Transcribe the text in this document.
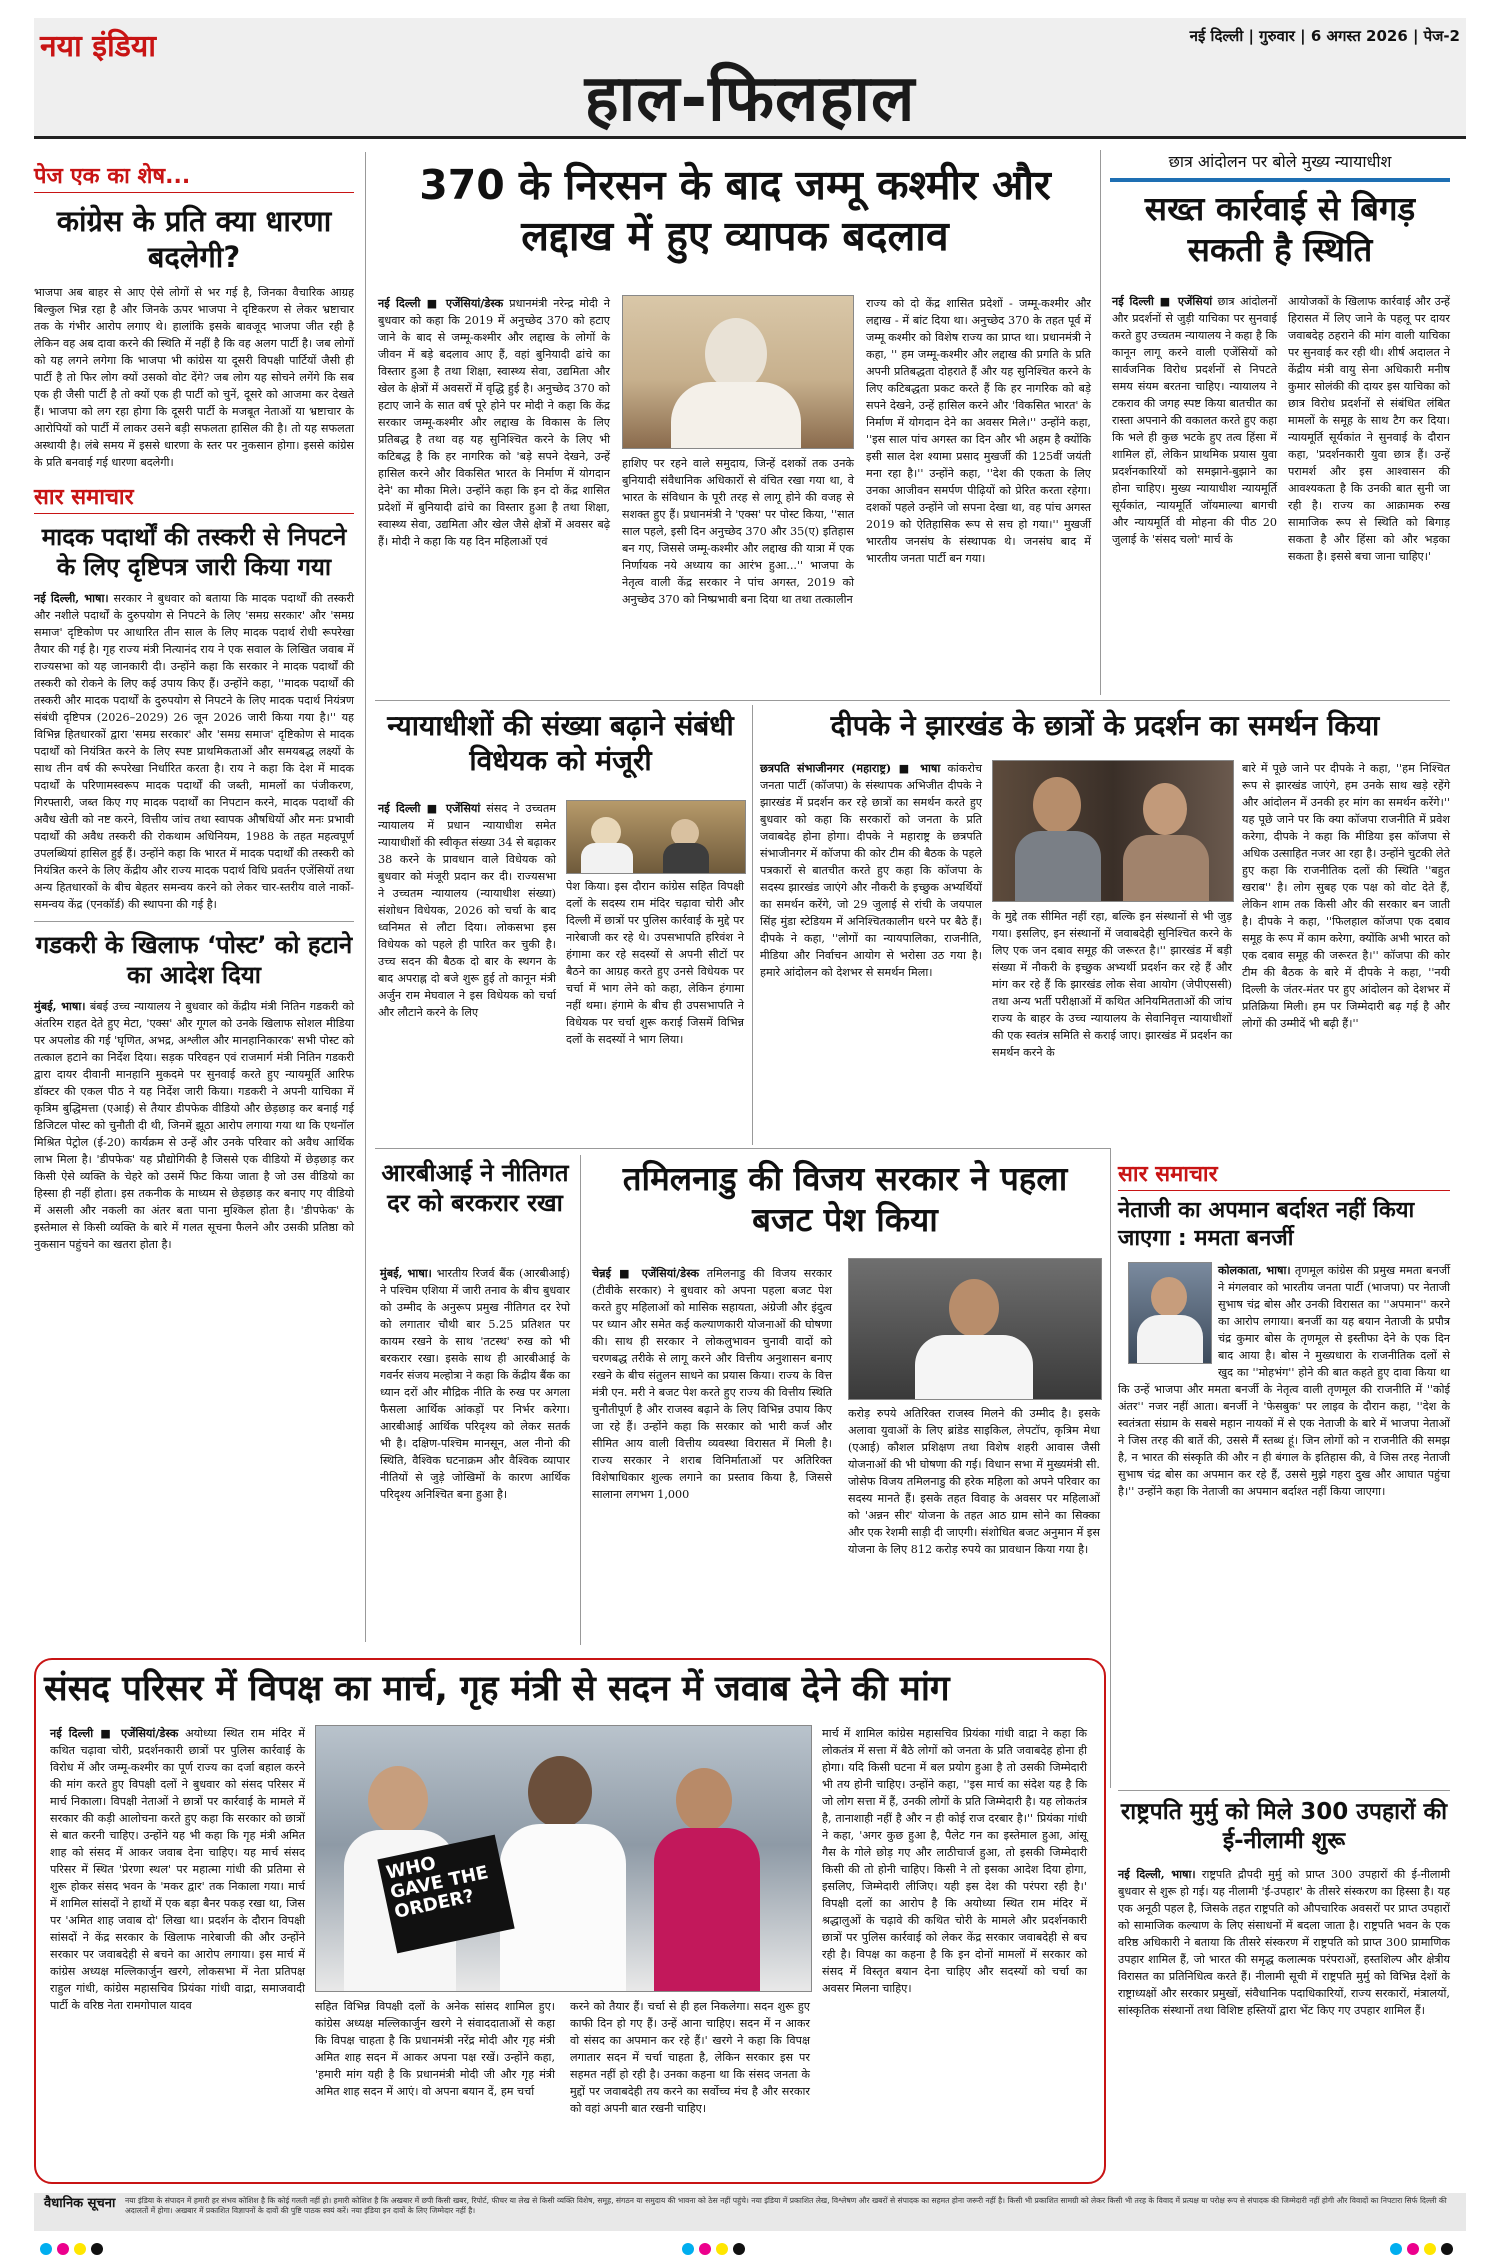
नया इंडिया	नई दिल्ली | गुरुवार | 6 अगस्त 2026 | पेज-2
हाल-फिलहाल
पेज एक का शेष...
कांग्रेस के प्रति क्या धारणा बदलेगी?
भाजपा अब बाहर से आए ऐसे लोगों से भर गई है, जिनका वैचारिक आग्रह बिल्कुल भिन्न रहा है और जिनके ऊपर भाजपा ने दृष्टिकरण से लेकर भ्रष्टाचार तक के गंभीर आरोप लगाए थे। हालांकि इसके बावजूद भाजपा जीत रही है लेकिन वह अब दावा करने की स्थिति में नहीं है कि वह अलग पार्टी है। जब लोगों को यह लगने लगेगा कि भाजपा भी कांग्रेस या दूसरी विपक्षी पार्टियों जैसी ही पार्टी है तो फिर लोग क्यों उसको वोट देंगे? जब लोग यह सोचने लगेंगे कि सब एक ही जैसी पार्टी है तो क्यों एक ही पार्टी को चुनें, दूसरे को आजमा कर देखते हैं। भाजपा को लग रहा होगा कि दूसरी पार्टी के मजबूत नेताओं या भ्रष्टाचार के आरोपियों को पार्टी में लाकर उसने बड़ी सफलता हासिल की है। तो यह सफलता अस्थायी है। लंबे समय में इससे धारणा के स्तर पर नुकसान होगा। इससे कांग्रेस के प्रति बनवाई गई धारणा बदलेगी।
सार समाचार
मादक पदार्थों की तस्करी से निपटने के लिए दृष्टिपत्र जारी किया गया
नई दिल्ली, भाषा। सरकार ने बुधवार को बताया कि मादक पदार्थों की तस्करी और नशीले पदार्थों के दुरुपयोग से निपटने के लिए 'समग्र सरकार' और 'समग्र समाज' दृष्टिकोण पर आधारित तीन साल के लिए मादक पदार्थ रोधी रूपरेखा तैयार की गई है। गृह राज्य मंत्री नित्यानंद राय ने एक सवाल के लिखित जवाब में राज्यसभा को यह जानकारी दी। उन्होंने कहा कि सरकार ने मादक पदार्थों की तस्करी को रोकने के लिए कई उपाय किए हैं। उन्होंने कहा, ''मादक पदार्थों की तस्करी और मादक पदार्थों के दुरुपयोग से निपटने के लिए मादक पदार्थ नियंत्रण संबंधी दृष्टिपत्र (2026–2029) 26 जून 2026 जारी किया गया है।'' यह विभिन्न हितधारकों द्वारा 'समग्र सरकार' और 'समग्र समाज' दृष्टिकोण से मादक पदार्थों को नियंत्रित करने के लिए स्पष्ट प्राथमिकताओं और समयबद्ध लक्ष्यों के साथ तीन वर्ष की रूपरेखा निर्धारित करता है। राय ने कहा कि देश में मादक पदार्थों के परिणामस्वरूप मादक पदार्थों की जब्ती, मामलों का पंजीकरण, गिरफ्तारी, जब्त किए गए मादक पदार्थों का निपटान करने, मादक पदार्थों की अवैध खेती को नष्ट करने, वित्तीय जांच तथा स्वापक औषधियों और मनः प्रभावी पदार्थों की अवैध तस्करी की रोकथाम अधिनियम, 1988 के तहत महत्वपूर्ण उपलब्धियां हासिल हुई हैं। उन्होंने कहा कि भारत में मादक पदार्थों की तस्करी को नियंत्रित करने के लिए केंद्रीय और राज्य मादक पदार्थ विधि प्रवर्तन एजेंसियों तथा अन्य हितधारकों के बीच बेहतर समन्वय करने को लेकर चार-स्तरीय वाले नार्को-समन्वय केंद्र (एनकॉर्ड) की स्थापना की गई है।
गडकरी के खिलाफ ‘पोस्ट’ को हटाने का आदेश दिया
मुंबई, भाषा। बंबई उच्च न्यायालय ने बुधवार को केंद्रीय मंत्री नितिन गडकरी को अंतरिम राहत देते हुए मेटा, 'एक्स' और गूगल को उनके खिलाफ सोशल मीडिया पर अपलोड की गई 'घृणित, अभद्र, अश्लील और मानहानिकारक' सभी पोस्ट को तत्काल हटाने का निर्देश दिया। सड़क परिवहन एवं राजमार्ग मंत्री नितिन गडकरी द्वारा दायर दीवानी मानहानि मुकदमे पर सुनवाई करते हुए न्यायमूर्ति आरिफ डॉक्टर की एकल पीठ ने यह निर्देश जारी किया। गडकरी ने अपनी याचिका में कृत्रिम बुद्धिमत्ता (एआई) से तैयार डीपफेक वीडियो और छेड़छाड़ कर बनाई गई डिजिटल पोस्ट को चुनौती दी थी, जिनमें झूठा आरोप लगाया गया था कि एथनॉल मिश्रित पेट्रोल (ई-20) कार्यक्रम से उन्हें और उनके परिवार को अवैध आर्थिक लाभ मिला है। 'डीपफेक' यह प्रौद्योगिकी है जिससे एक वीडियो में छेड़छाड़ कर किसी ऐसे व्यक्ति के चेहरे को उसमें फिट किया जाता है जो उस वीडियो का हिस्सा ही नहीं होता। इस तकनीक के माध्यम से छेड़छाड़ कर बनाए गए वीडियो में असली और नकली का अंतर बता पाना मुश्किल होता है। 'डीपफेक' के इस्तेमाल से किसी व्यक्ति के बारे में गलत सूचना फैलने और उसकी प्रतिष्ठा को नुकसान पहुंचने का खतरा होता है।
370 के निरसन के बाद जम्मू कश्मीर और लद्दाख में हुए व्यापक बदलाव
नई दिल्ली ■ एजेंसियां/डेस्क प्रधानमंत्री नरेन्द्र मोदी ने बुधवार को कहा कि 2019 में अनुच्छेद 370 को हटाए जाने के बाद से जम्मू-कश्मीर और लद्दाख के लोगों के जीवन में बड़े बदलाव आए हैं, वहां बुनियादी ढांचे का विस्तार हुआ है तथा शिक्षा, स्वास्थ्य सेवा, उद्यमिता और खेल के क्षेत्रों में अवसरों में वृद्धि हुई है। अनुच्छेद 370 को हटाए जाने के सात वर्ष पूरे होने पर मोदी ने कहा कि केंद्र सरकार जम्मू-कश्मीर और लद्दाख के विकास के लिए प्रतिबद्ध है तथा वह यह सुनिश्चित करने के लिए भी कटिबद्ध है कि हर नागरिक को 'बड़े सपने देखने, उन्हें हासिल करने और विकसित भारत के निर्माण में योगदान देने' का मौका मिले। उन्होंने कहा कि इन दो केंद्र शासित प्रदेशों में बुनियादी ढांचे का विस्तार हुआ है तथा शिक्षा, स्वास्थ्य सेवा, उद्यमिता और खेल जैसे क्षेत्रों में अवसर बढ़े हैं। मोदी ने कहा कि यह दिन महिलाओं एवं
हाशिए पर रहने वाले समुदाय, जिन्हें दशकों तक उनके बुनियादी संवैधानिक अधिकारों से वंचित रखा गया था, वे भारत के संविधान के पूरी तरह से लागू होने की वजह से सशक्त हुए हैं। प्रधानमंत्री ने 'एक्स' पर पोस्ट किया, ''सात साल पहले, इसी दिन अनुच्छेद 370 और 35(ए) इतिहास बन गए, जिससे जम्मू-कश्मीर और लद्दाख की यात्रा में एक निर्णायक नये अध्याय का आरंभ हुआ...'' भाजपा के नेतृत्व वाली केंद्र सरकार ने पांच अगस्त, 2019 को अनुच्छेद 370 को निष्प्रभावी बना दिया था तथा तत्कालीन
राज्य को दो केंद्र शासित प्रदेशों - जम्मू-कश्मीर और लद्दाख - में बांट दिया था। अनुच्छेद 370 के तहत पूर्व में जम्मू कश्मीर को विशेष राज्य का प्राप्त था। प्रधानमंत्री ने कहा, '' हम जम्मू-कश्मीर और लद्दाख की प्रगति के प्रति अपनी प्रतिबद्धता दोहराते हैं और यह सुनिश्चित करने के लिए कटिबद्धता प्रकट करते हैं कि हर नागरिक को बड़े सपने देखने, उन्हें हासिल करने और 'विकसित भारत' के निर्माण में योगदान देने का अवसर मिले।'' उन्होंने कहा, ''इस साल पांच अगस्त का दिन और भी अहम है क्योंकि इसी साल देश श्यामा प्रसाद मुखर्जी की 125वीं जयंती मना रहा है।'' उन्होंने कहा, ''देश की एकता के लिए उनका आजीवन समर्पण पीढ़ियों को प्रेरित करता रहेगा। दशकों पहले उन्होंने जो सपना देखा था, वह पांच अगस्त 2019 को ऐतिहासिक रूप से सच हो गया।'' मुखर्जी भारतीय जनसंघ के संस्थापक थे। जनसंघ बाद में भारतीय जनता पार्टी बन गया।
छात्र आंदोलन पर बोले मुख्य न्यायाधीश
सख्त कार्रवाई से बिगड़ सकती है स्थिति
नई दिल्ली ■ एजेंसियां छात्र आंदोलनों और प्रदर्शनों से जुड़ी याचिका पर सुनवाई करते हुए उच्चतम न्यायालय ने कहा है कि कानून लागू करने वाली एजेंसियों को सार्वजनिक विरोध प्रदर्शनों से निपटते समय संयम बरतना चाहिए। न्यायालय ने टकराव की जगह स्पष्ट किया बातचीत का रास्ता अपनाने की वकालत करते हुए कहा कि भले ही कुछ भटके हुए तत्व हिंसा में शामिल हों, लेकिन प्राथमिक प्रयास युवा प्रदर्शनकारियों को समझाने-बुझाने का होना चाहिए। मुख्य न्यायाधीश न्यायमूर्ति सूर्यकांत, न्यायमूर्ति जॉयमाल्या बागची और न्यायमूर्ति वी मोहना की पीठ 20 जुलाई के 'संसद चलो' मार्च के
आयोजकों के खिलाफ कार्रवाई और उन्हें हिरासत में लिए जाने के पहलू पर दायर जवाबदेह ठहराने की मांग वाली याचिका पर सुनवाई कर रही थी। शीर्ष अदालत ने केंद्रीय मंत्री वायु सेना अधिकारी मनीष कुमार सोलंकी की दायर इस याचिका को छात्र विरोध प्रदर्शनों से संबंधित लंबित मामलों के समूह के साथ टैग कर दिया। न्यायमूर्ति सूर्यकांत ने सुनवाई के दौरान कहा, 'प्रदर्शनकारी युवा छात्र हैं। उन्हें परामर्श और इस आश्वासन की आवश्यकता है कि उनकी बात सुनी जा रही है। राज्य का आक्रामक रुख सामाजिक रूप से स्थिति को बिगाड़ सकता है और हिंसा को और भड़का सकता है। इससे बचा जाना चाहिए।'
न्यायाधीशों की संख्या बढ़ाने संबंधी विधेयक को मंजूरी
नई दिल्ली ■ एजेंसियां संसद ने उच्चतम न्यायालय में प्रधान न्यायाधीश समेत न्यायाधीशों की स्वीकृत संख्या 34 से बढ़ाकर 38 करने के प्रावधान वाले विधेयक को बुधवार को मंजूरी प्रदान कर दी। राज्यसभा ने उच्चतम न्यायालय (न्यायाधीश संख्या) संशोधन विधेयक, 2026 को चर्चा के बाद ध्वनिमत से लौटा दिया। लोकसभा इस विधेयक को पहले ही पारित कर चुकी है। उच्च सदन की बैठक दो बार के स्थगन के बाद अपराह्न दो बजे शुरू हुई तो कानून मंत्री अर्जुन राम मेघवाल ने इस विधेयक को चर्चा और लौटाने करने के लिए
पेश किया। इस दौरान कांग्रेस सहित विपक्षी दलों के सदस्य राम मंदिर चढ़ावा चोरी और दिल्ली में छात्रों पर पुलिस कार्रवाई के मुद्दे पर नारेबाजी कर रहे थे। उपसभापति हरिवंश ने हंगामा कर रहे सदस्यों से अपनी सीटों पर बैठने का आग्रह करते हुए उनसे विधेयक पर चर्चा में भाग लेने को कहा, लेकिन हंगामा नहीं थमा। हंगामे के बीच ही उपसभापति ने विधेयक पर चर्चा शुरू कराई जिसमें विभिन्न दलों के सदस्यों ने भाग लिया।
दीपके ने झारखंड के छात्रों के प्रदर्शन का समर्थन किया
छत्रपति संभाजीनगर (महाराष्ट्र) ■ भाषा कांकरोच जनता पार्टी (कॉजपा) के संस्थापक अभिजीत दीपके ने झारखंड में प्रदर्शन कर रहे छात्रों का समर्थन करते हुए बुधवार को कहा कि सरकारों को जनता के प्रति जवाबदेह होना होगा। दीपके ने महाराष्ट्र के छत्रपति संभाजीनगर में कॉजपा की कोर टीम की बैठक के पहले पत्रकारों से बातचीत करते हुए कहा कि कॉजपा के सदस्य झारखंड जाएंगे और नौकरी के इच्छुक अभ्यर्थियों का समर्थन करेंगे, जो 29 जुलाई से रांची के जयपाल सिंह मुंडा स्टेडियम में अनिश्चितकालीन धरने पर बैठे हैं। दीपके ने कहा, ''लोगों का न्यायपालिका, राजनीति, मीडिया और निर्वाचन आयोग से भरोसा उठ गया है। हमारे आंदोलन को देशभर से समर्थन मिला।
के मुद्दे तक सीमित नहीं रहा, बल्कि इन संस्थानों से भी जुड़ गया। इसलिए, इन संस्थानों में जवाबदेही सुनिश्चित करने के लिए एक जन दबाव समूह की जरूरत है।'' झारखंड में बड़ी संख्या में नौकरी के इच्छुक अभ्यर्थी प्रदर्शन कर रहे हैं और मांग कर रहे हैं कि झारखंड लोक सेवा आयोग (जेपीएससी) तथा अन्य भर्ती परीक्षाओं में कथित अनियमितताओं की जांच राज्य के बाहर के उच्च न्यायालय के सेवानिवृत्त न्यायाधीशों की एक स्वतंत्र समिति से कराई जाए। झारखंड में प्रदर्शन का समर्थन करने के
बारे में पूछे जाने पर दीपके ने कहा, ''हम निश्चित रूप से झारखंड जाएंगे, हम उनके साथ खड़े रहेंगे और आंदोलन में उनकी हर मांग का समर्थन करेंगे।'' यह पूछे जाने पर कि क्या कॉजपा राजनीति में प्रवेश करेगा, दीपके ने कहा कि मीडिया इस कॉजपा से अधिक उत्साहित नजर आ रहा है। उन्होंने चुटकी लेते हुए कहा कि राजनीतिक दलों की स्थिति ''बहुत खराब'' है। लोग सुबह एक पक्ष को वोट देते हैं, लेकिन शाम तक किसी और की सरकार बन जाती है। दीपके ने कहा, ''फिलहाल कॉजपा एक दबाव समूह के रूप में काम करेगा, क्योंकि अभी भारत को एक दबाव समूह की जरूरत है।'' कॉजपा की कोर टीम की बैठक के बारे में दीपके ने कहा, ''नयी दिल्ली के जंतर-मंतर पर हुए आंदोलन को देशभर में प्रतिक्रिया मिली। हम पर जिम्मेदारी बढ़ गई है और लोगों की उम्मीदें भी बढ़ी हैं।''
आरबीआई ने नीतिगत दर को बरकरार रखा
मुंबई, भाषा। भारतीय रिजर्व बैंक (आरबीआई) ने पश्चिम एशिया में जारी तनाव के बीच बुधवार को उम्मीद के अनुरूप प्रमुख नीतिगत दर रेपो को लगातार चौथी बार 5.25 प्रतिशत पर कायम रखने के साथ 'तटस्थ' रुख को भी बरकरार रखा। इसके साथ ही आरबीआई के गवर्नर संजय मल्होत्रा ने कहा कि केंद्रीय बैंक का ध्यान दरों और मौद्रिक नीति के रुख पर अगला फैसला आर्थिक आंकड़ों पर निर्भर करेगा। आरबीआई आर्थिक परिदृश्य को लेकर सतर्क भी है। दक्षिण-पश्चिम मानसून, अल नीनो की स्थिति, वैश्विक घटनाक्रम और वैश्विक व्यापार नीतियों से जुड़े जोखिमों के कारण आर्थिक परिदृश्य अनिश्चित बना हुआ है।
तमिलनाडु की विजय सरकार ने पहला बजट पेश किया
चेन्नई ■ एजेंसियां/डेस्क तमिलनाडु की विजय सरकार (टीवीके सरकार) ने बुधवार को अपना पहला बजट पेश करते हुए महिलाओं को मासिक सहायता, अंग्रेजी और इंदुत्व पर ध्यान और समेत कई कल्याणकारी योजनाओं की घोषणा की। साथ ही सरकार ने लोकलुभावन चुनावी वादों को चरणबद्ध तरीके से लागू करने और वित्तीय अनुशासन बनाए रखने के बीच संतुलन साधने का प्रयास किया। राज्य के वित्त मंत्री एन. मरी ने बजट पेश करते हुए राज्य की वित्तीय स्थिति चुनौतीपूर्ण है और राजस्व बढ़ाने के लिए विभिन्न उपाय किए जा रहे हैं। उन्होंने कहा कि सरकार को भारी कर्ज और सीमित आय वाली वित्तीय व्यवस्था विरासत में मिली है। राज्य सरकार ने शराब विनिर्माताओं पर अतिरिक्त विशेषाधिकार शुल्क लगाने का प्रस्ताव किया है, जिससे सालाना लगभग 1,000
करोड़ रुपये अतिरिक्त राजस्व मिलने की उम्मीद है। इसके अलावा युवाओं के लिए ब्रांडेड साइकिल, लेपटॉप, कृत्रिम मेधा (एआई) कौशल प्रशिक्षण तथा विशेष शहरी आवास जैसी योजनाओं की भी घोषणा की गई। विधान सभा में मुख्यमंत्री सी. जोसेफ विजय तमिलनाडु की हरेक महिला को अपने परिवार का सदस्य मानते हैं। इसके तहत विवाह के अवसर पर महिलाओं को 'अन्नन सीर' योजना के तहत आठ ग्राम सोने का सिक्का और एक रेशमी साड़ी दी जाएगी। संशोधित बजट अनुमान में इस योजना के लिए 812 करोड़ रुपये का प्रावधान किया गया है।
सार समाचार
नेताजी का अपमान बर्दाश्त नहीं किया जाएगा : ममता बनर्जी
कोलकाता, भाषा। तृणमूल कांग्रेस की प्रमुख ममता बनर्जी ने मंगलवार को भारतीय जनता पार्टी (भाजपा) पर नेताजी सुभाष चंद्र बोस और उनकी विरासत का ''अपमान'' करने का आरोप लगाया। बनर्जी का यह बयान नेताजी के प्रपौत्र चंद्र कुमार बोस के तृणमूल से इस्तीफा देने के एक दिन बाद आया है। बोस ने मुख्यधारा के राजनीतिक दलों से खुद का ''मोहभंग'' होने की बात कहते हुए दावा किया था कि उन्हें भाजपा और ममता बनर्जी के नेतृत्व वाली तृणमूल की राजनीति में ''कोई अंतर'' नजर नहीं आता। बनर्जी ने 'फेसबुक' पर लाइव के दौरान कहा, ''देश के स्वतंत्रता संग्राम के सबसे महान नायकों में से एक नेताजी के बारे में भाजपा नेताओं ने जिस तरह की बातें की, उससे मैं स्तब्ध हूं। जिन लोगों को न राजनीति की समझ है, न भारत की संस्कृति की और न ही बंगाल के इतिहास की, वे जिस तरह नेताजी सुभाष चंद्र बोस का अपमान कर रहे हैं, उससे मुझे गहरा दुख और आघात पहुंचा है।'' उन्होंने कहा कि नेताजी का अपमान बर्दाश्त नहीं किया जाएगा।
राष्ट्रपति मुर्मु को मिले 300 उपहारों की ई-नीलामी शुरू
नई दिल्ली, भाषा। राष्ट्रपति द्रौपदी मुर्मु को प्राप्त 300 उपहारों की ई-नीलामी बुधवार से शुरू हो गई। यह नीलामी 'ई-उपहार' के तीसरे संस्करण का हिस्सा है। यह एक अनूठी पहल है, जिसके तहत राष्ट्रपति को औपचारिक अवसरों पर प्राप्त उपहारों को सामाजिक कल्याण के लिए संसाधनों में बदला जाता है। राष्ट्रपति भवन के एक वरिष्ठ अधिकारी ने बताया कि तीसरे संस्करण में राष्ट्रपति को प्राप्त 300 प्रामाणिक उपहार शामिल हैं, जो भारत की समृद्ध कलात्मक परंपराओं, हस्तशिल्प और क्षेत्रीय विरासत का प्रतिनिधित्व करते हैं। नीलामी सूची में राष्ट्रपति मुर्मु को विभिन्न देशों के राष्ट्राध्यक्षों और सरकार प्रमुखों, संवैधानिक पदाधिकारियों, राज्य सरकारों, मंत्रालयों, सांस्कृतिक संस्थानों तथा विशिष्ट हस्तियों द्वारा भेंट किए गए उपहार शामिल हैं।
संसद परिसर में विपक्ष का मार्च, गृह मंत्री से सदन में जवाब देने की मांग
नई दिल्ली ■ एजेंसियां/डेस्क अयोध्या स्थित राम मंदिर में कथित चढ़ावा चोरी, प्रदर्शनकारी छात्रों पर पुलिस कार्रवाई के विरोध में और जम्मू-कश्मीर का पूर्ण राज्य का दर्जा बहाल करने की मांग करते हुए विपक्षी दलों ने बुधवार को संसद परिसर में मार्च निकाला। विपक्षी नेताओं ने छात्रों पर कार्रवाई के मामले में सरकार की कड़ी आलोचना करते हुए कहा कि सरकार को छात्रों से बात करनी चाहिए। उन्होंने यह भी कहा कि गृह मंत्री अमित शाह को संसद में आकर जवाब देना चाहिए। यह मार्च संसद परिसर में स्थित 'प्रेरणा स्थल' पर महात्मा गांधी की प्रतिमा से शुरू होकर संसद भवन के 'मकर द्वार' तक निकाला गया। मार्च में शामिल सांसदों ने हाथों में एक बड़ा बैनर पकड़ रखा था, जिस पर 'अमित शाह जवाब दो' लिखा था। प्रदर्शन के दौरान विपक्षी सांसदों ने केंद्र सरकार के खिलाफ नारेबाजी की और उन्होंने सरकार पर जवाबदेही से बचने का आरोप लगाया। इस मार्च में कांग्रेस अध्यक्ष मल्लिकार्जुन खरगे, लोकसभा में नेता प्रतिपक्ष राहुल गांधी, कांग्रेस महासचिव प्रियंका गांधी वाद्रा, समाजवादी पार्टी के वरिष्ठ नेता रामगोपाल यादव
WHO GAVE THE ORDER?
सहित विभिन्न विपक्षी दलों के अनेक सांसद शामिल हुए। कांग्रेस अध्यक्ष मल्लिकार्जुन खरगे ने संवाददाताओं से कहा कि विपक्ष चाहता है कि प्रधानमंत्री नरेंद्र मोदी और गृह मंत्री अमित शाह सदन में आकर अपना पक्ष रखें। उन्होंने कहा, 'हमारी मांग यही है कि प्रधानमंत्री मोदी जी और गृह मंत्री अमित शाह सदन में आएं। वो अपना बयान दें, हम चर्चा
करने को तैयार हैं। चर्चा से ही हल निकलेगा। सदन शुरू हुए काफी दिन हो गए हैं। उन्हें आना चाहिए। सदन में न आकर वो संसद का अपमान कर रहे हैं।' खरगे ने कहा कि विपक्ष लगातार सदन में चर्चा चाहता है, लेकिन सरकार इस पर सहमत नहीं हो रही है। उनका कहना था कि संसद जनता के मुद्दों पर जवाबदेही तय करने का सर्वोच्च मंच है और सरकार को वहां अपनी बात रखनी चाहिए।
मार्च में शामिल कांग्रेस महासचिव प्रियंका गांधी वाद्रा ने कहा कि लोकतंत्र में सत्ता में बैठे लोगों को जनता के प्रति जवाबदेह होना ही होगा। यदि किसी घटना में बल प्रयोग हुआ है तो उसकी जिम्मेदारी भी तय होनी चाहिए। उन्होंने कहा, ''इस मार्च का संदेश यह है कि जो लोग सत्ता में हैं, उनकी लोगों के प्रति जिम्मेदारी है। यह लोकतंत्र है, तानाशाही नहीं है और न ही कोई राज दरबार है।'' प्रियंका गांधी ने कहा, 'अगर कुछ हुआ है, पैलेट गन का इस्तेमाल हुआ, आंसू गैस के गोले छोड़ गए और लाठीचार्ज हुआ, तो इसकी जिम्मेदारी किसी की तो होनी चाहिए। किसी ने तो इसका आदेश दिया होगा, इसलिए, जिम्मेदारी लीजिए। यही इस देश की परंपरा रही है।' विपक्षी दलों का आरोप है कि अयोध्या स्थित राम मंदिर में श्रद्धालुओं के चढ़ावे की कथित चोरी के मामले और प्रदर्शनकारी छात्रों पर पुलिस कार्रवाई को लेकर केंद्र सरकार जवाबदेही से बच रही है। विपक्ष का कहना है कि इन दोनों मामलों में सरकार को संसद में विस्तृत बयान देना चाहिए और सदस्यों को चर्चा का अवसर मिलना चाहिए।
वैधानिक सूचना नया इंडिया के संपादन में हमारी हर संभव कोशिश है कि कोई गलती नहीं हो। हमारी कोशिश है कि अखबार में छपी किसी खबर, रिपोर्ट, फीचर या लेख से किसी व्यक्ति विशेष, समूह, संगठन या समुदाय की भावना को ठेस नहीं पहुंचे। नया इंडिया में प्रकाशित लेख, विश्लेषण और खबरों से संपादक का सहमत होना जरूरी नहीं है। किसी भी प्रकाशित सामग्री को लेकर किसी भी तरह के विवाद में प्रत्यक्ष या परोक्ष रूप से संपादक की जिम्मेदारी नहीं होगी और विवादों का निपटारा सिर्फ दिल्ली की अदालतों में होगा। अखबार में प्रकाशित विज्ञापनों के दावों की पुष्टि पाठक स्वयं करें। नया इंडिया इन दावों के लिए जिम्मेदार नहीं है।
